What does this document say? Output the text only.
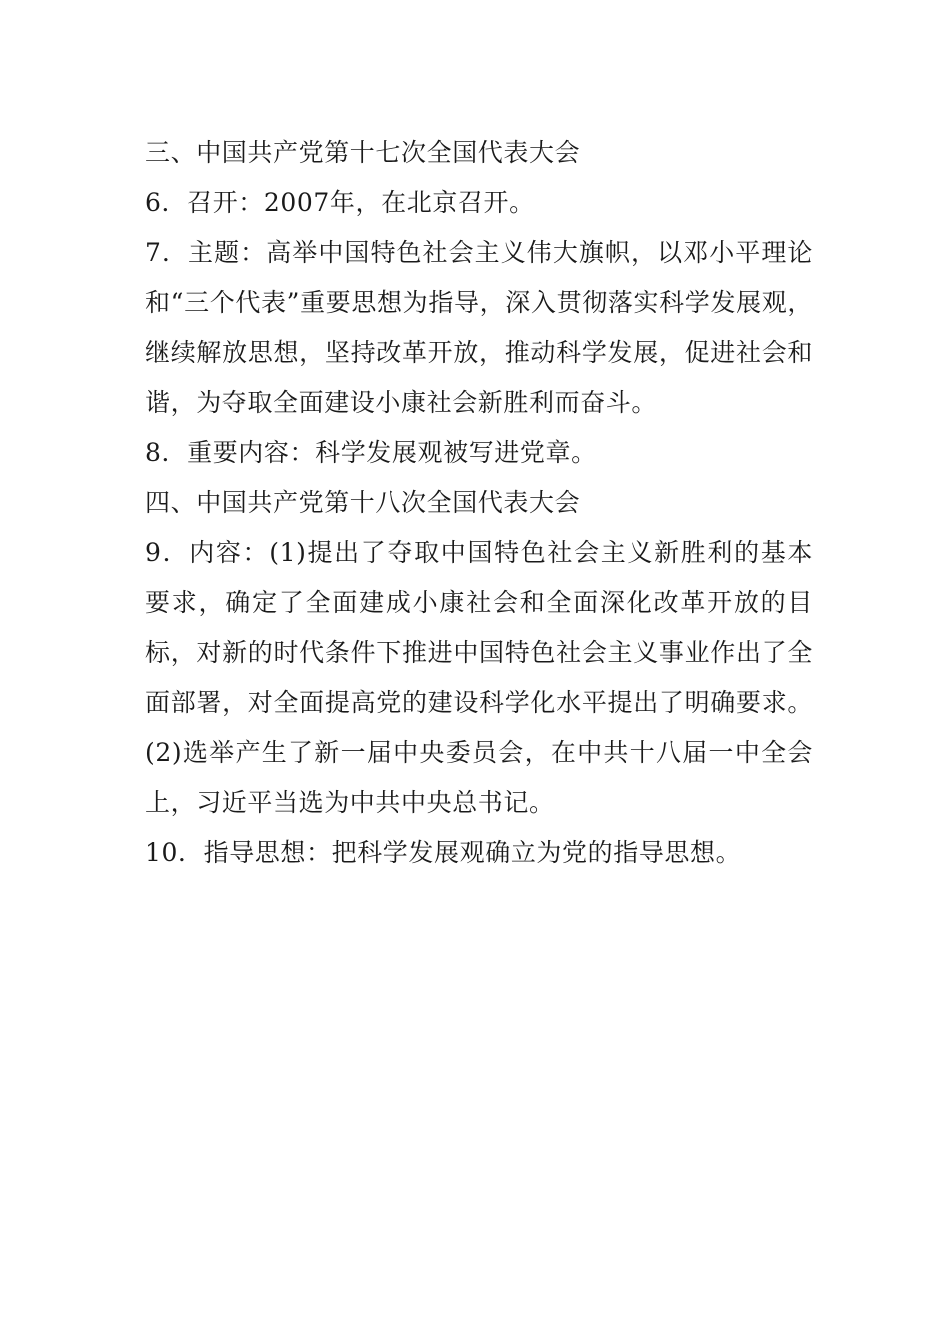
三、中国共产党第十七次全国代表大会

6．召开：2007年，在北京召开。

7．主题：高举中国特色社会主义伟大旗帜，以邓小平理论和“三个代表”重要思想为指导，深入贯彻落实科学发展观，继续解放思想，坚持改革开放，推动科学发展，促进社会和谐，为夺取全面建设小康社会新胜利而奋斗。

8．重要内容：科学发展观被写进党章。

四、中国共产党第十八次全国代表大会

9．内容：(1)提出了夺取中国特色社会主义新胜利的基本要求，确定了全面建成小康社会和全面深化改革开放的目标，对新的时代条件下推进中国特色社会主义事业作出了全面部署，对全面提高党的建设科学化水平提出了明确要求。(2)选举产生了新一届中央委员会，在中共十八届一中全会上，习近平当选为中共中央总书记。

10．指导思想：把科学发展观确立为党的指导思想。
